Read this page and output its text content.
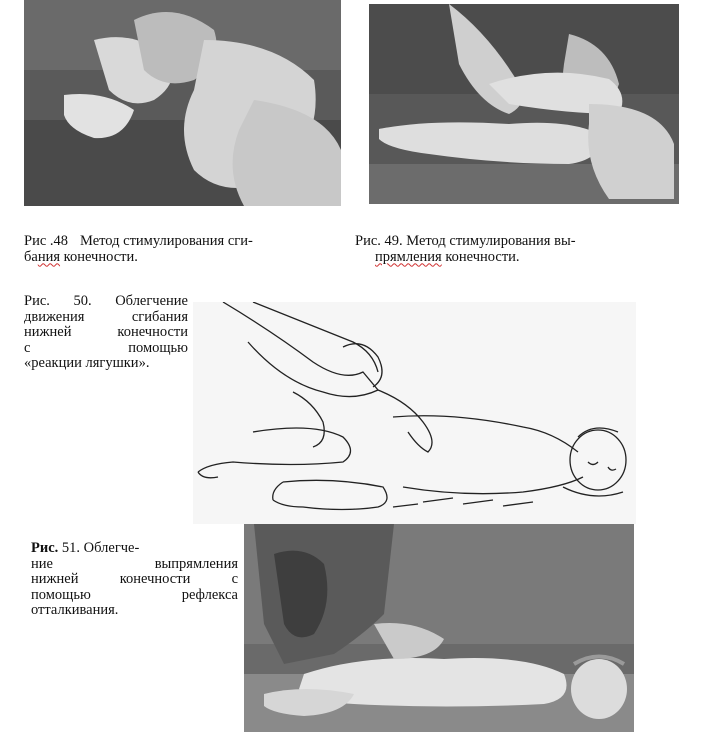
Рис .48 Метод стимулирования сги-
бания конечности.
Рис. 49. Метод стимулирования вы-
прямления конечности.
Рис. 50. Облегчение
движения	сгибания
нижней	конечности
с	помощью
«реакции лягушки».
Рис. 51. Облегче-
ние	выпрямления
нижней	конечности	с
помощью	рефлекса
отталкивания.
